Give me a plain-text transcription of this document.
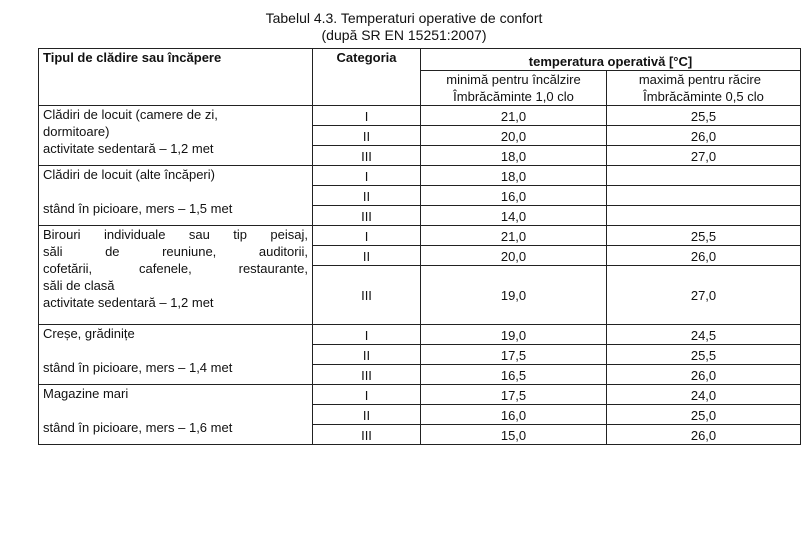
Tabelul 4.3. Temperaturi operative de confort
(după SR EN 15251:2007)
Tipul de clădire sau încăpere	Categoria	temperatura operativă [°C]	
		minimă pentru încălzire Îmbrăcăminte 1,0 clo	maximă pentru răcire   Îmbrăcăminte 0,5 clo

Clădiri de locuit (camere de zi,
dormitoare)
activitate sedentară – 1,2 met	I	21,0	25,5
	II	20,0	26,0
	III	18,0	27,0

Clădiri de locuit (alte încăperi)

stând în picioare, mers – 1,5 met	I	18,0	
	II	16,0	
	III	14,0	

Birouri individuale sau tip peisaj,
săli de reuniune, auditorii,
cofetării, cafenele, restaurante,
săli de clasă
activitate sedentară – 1,2 met	I	21,0	25,5
	II	20,0	26,0
	III	19,0	27,0

Creșe, grădinițe

stând în picioare, mers – 1,4 met	I	19,0	24,5
	II	17,5	25,5
	III	16,5	26,0

Magazine mari

stând în picioare, mers – 1,6 met	I	17,5	24,0
	II	16,0	25,0
	III	15,0	26,0
